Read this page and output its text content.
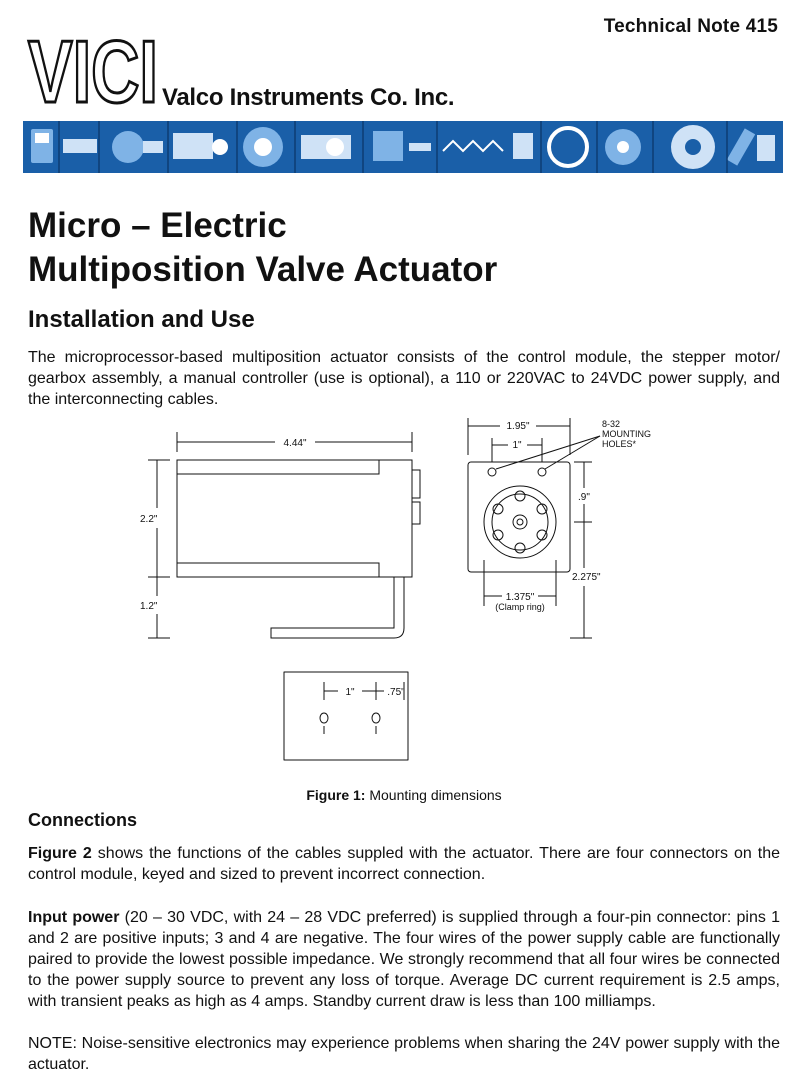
Technical Note 415
VICI Valco Instruments Co. Inc.
Micro – Electric
Multiposition Valve Actuator
Installation and Use

The microprocessor-based multiposition actuator consists of the control module, the stepper motor/ gearbox assembly, a manual controller (use is optional), a 110 or 220VAC to 24VDC power supply, and the interconnecting cables.

4.44"
2.2"
1.2"
1.95"
1"
8-32
MOUNTING
HOLES*
.9"
2.275"
1.375"
(Clamp ring)
1"	.75"
Figure 1: Mounting dimensions
Connections

Figure 2 shows the functions of the cables suppled with the actuator. There are four connectors on the control module, keyed and sized to prevent incorrect connection.

Input power (20 – 30 VDC, with 24 – 28 VDC preferred) is supplied through a four-pin connector: pins 1 and 2 are positive inputs; 3 and 4 are negative. The four wires of the power supply cable are functionally paired to provide the lowest possible impedance. We strongly recommend that all four wires be connected to the power supply source to prevent any loss of torque. Average DC current requirement is 2.5 amps, with transient peaks as high as 4 amps. Standby current draw is less than 100 milliamps.

NOTE: Noise-sensitive electronics may experience problems when sharing the 24V power supply with the actuator.
